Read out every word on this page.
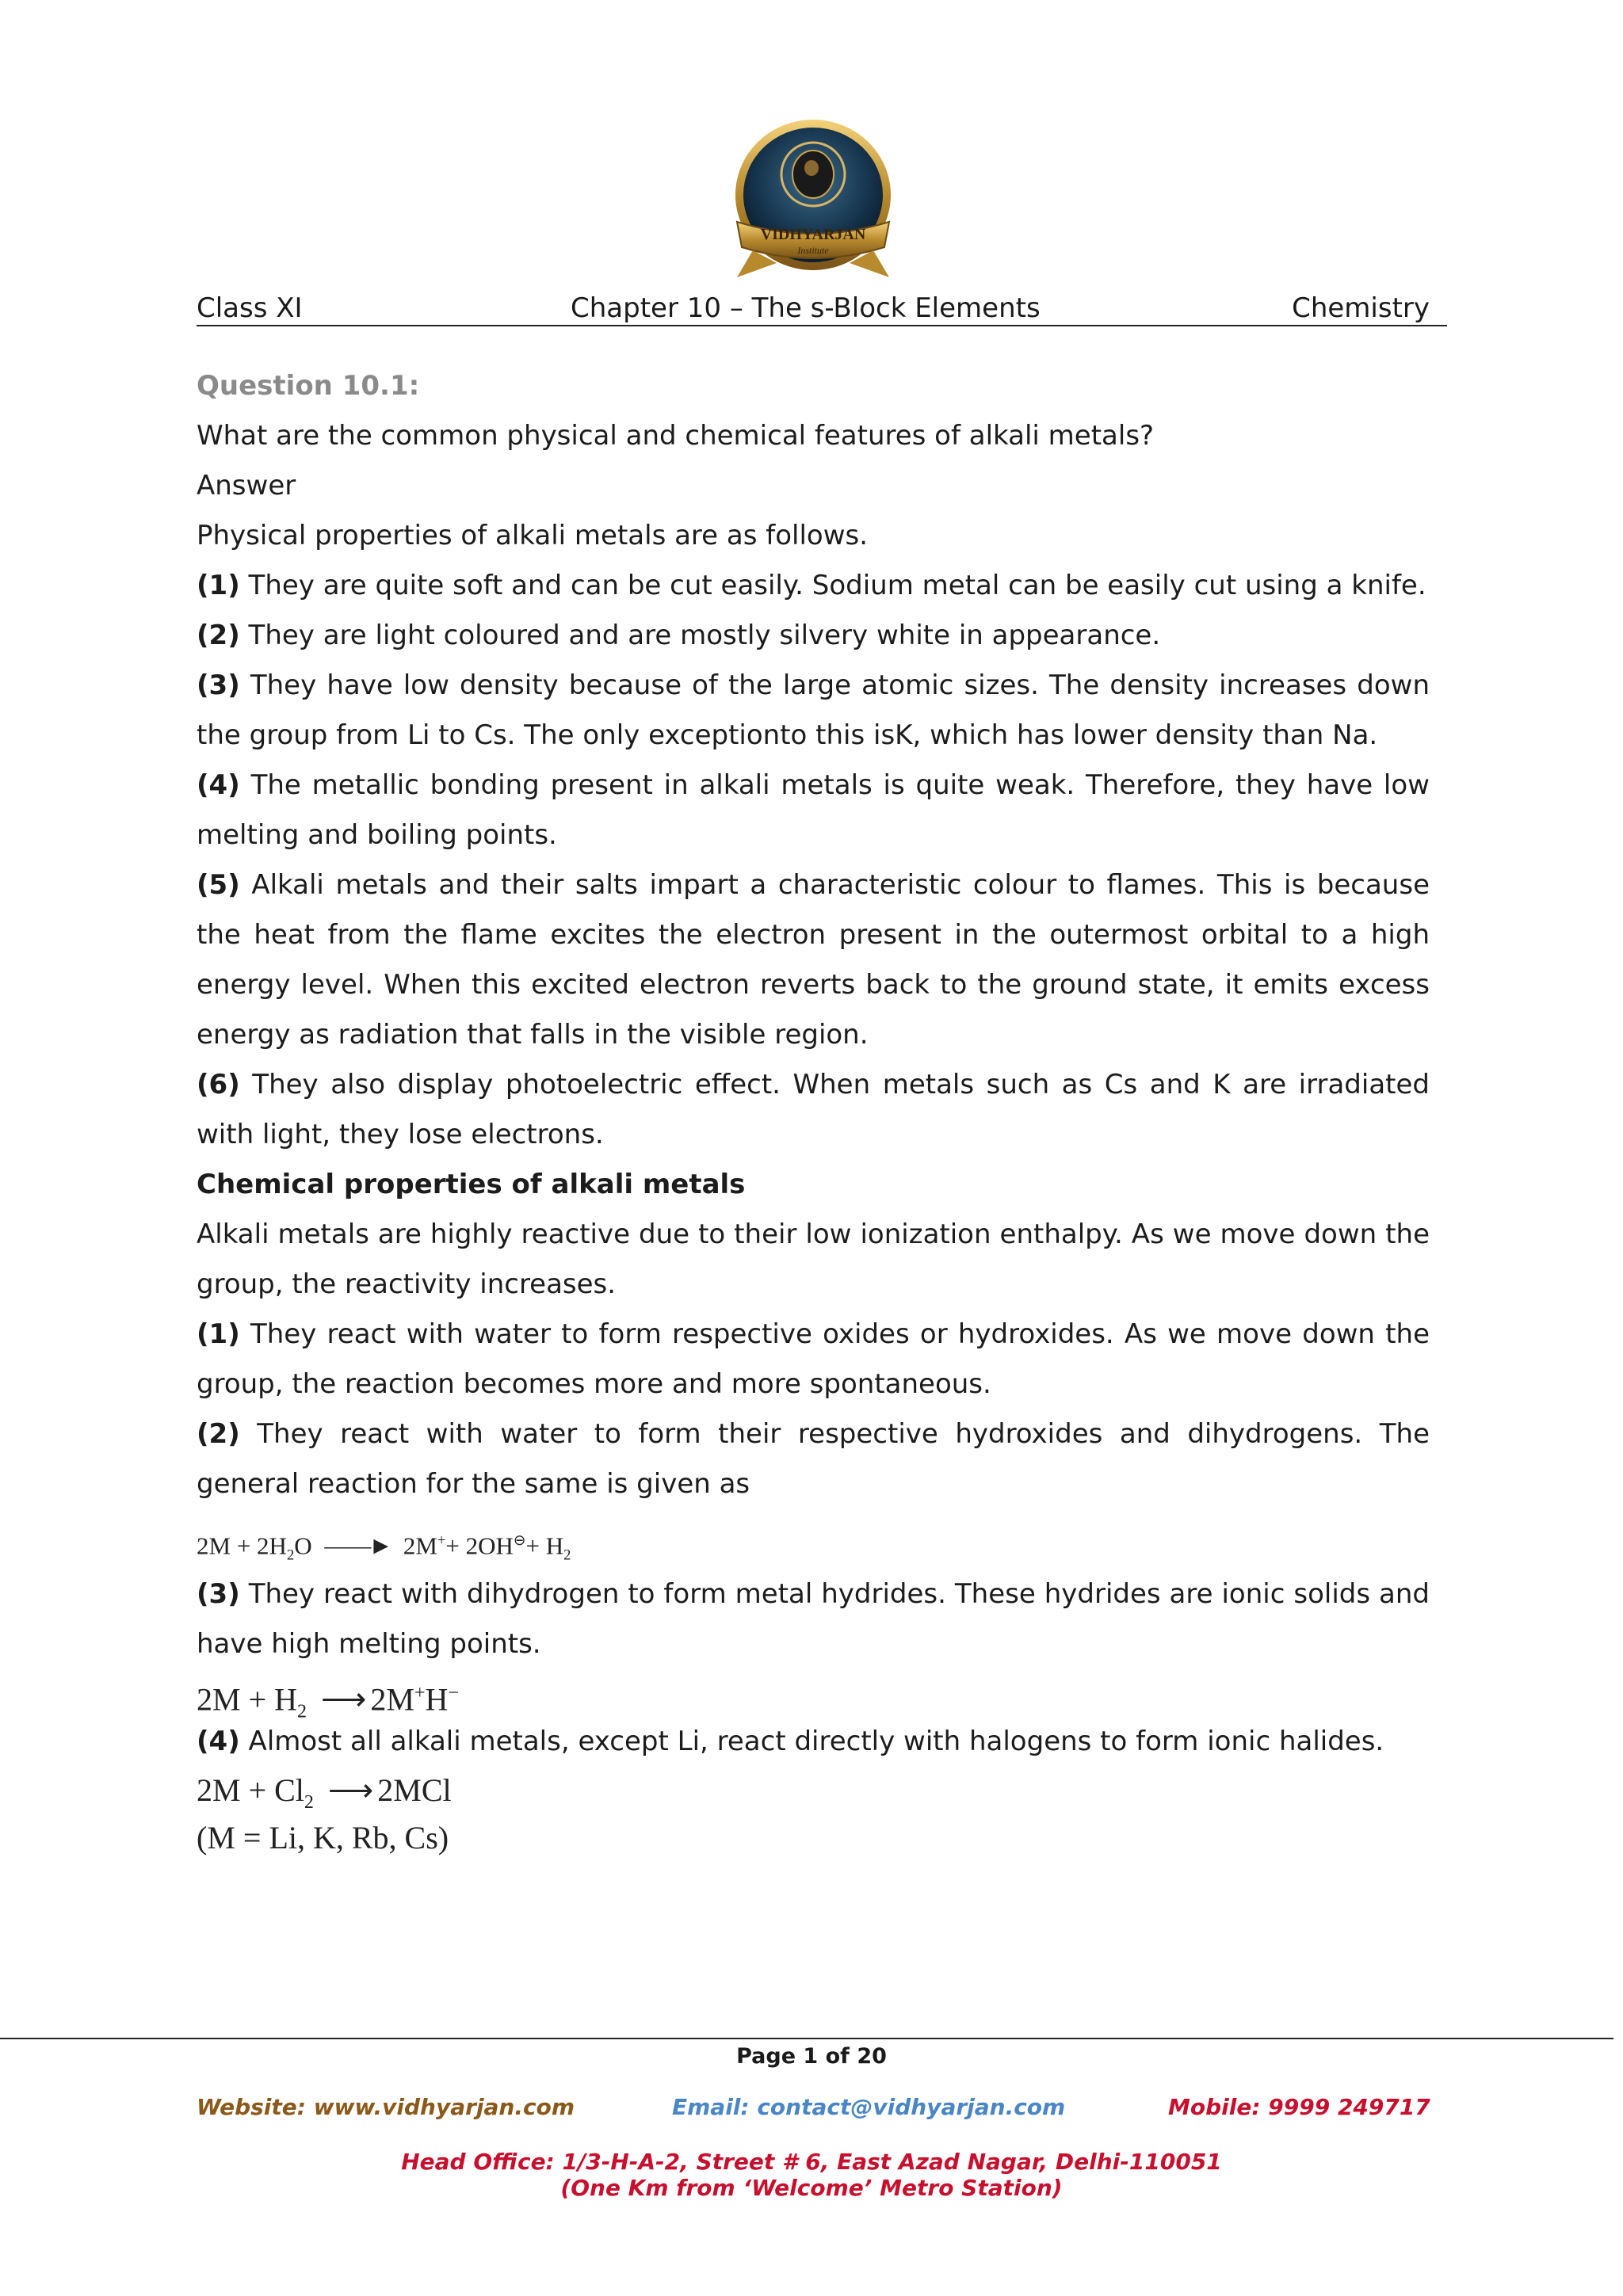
VIDHYARJAN
Institute
Class XI	Chapter 10 – The s-Block Elements	Chemistry

Question 10.1:

What are the common physical and chemical features of alkali metals?

Answer

Physical properties of alkali metals are as follows.

(1) They are quite soft and can be cut easily. Sodium metal can be easily cut using a knife.

(2) They are light coloured and are mostly silvery white in appearance.

(3) They have low density because of the large atomic sizes. The density increases down the group from Li to Cs. The only exceptionto this isK, which has lower density than Na.

(4) The metallic bonding present in alkali metals is quite weak. Therefore, they have low melting and boiling points.

(5) Alkali metals and their salts impart a characteristic colour to flames. This is because the heat from the flame excites the electron present in the outermost orbital to a high energy level. When this excited electron reverts back to the ground state, it emits excess energy as radiation that falls in the visible region.

(6) They also display photoelectric effect. When metals such as Cs and K are irradiated with light, they lose electrons.

Chemical properties of alkali metals

Alkali metals are highly reactive due to their low ionization enthalpy. As we move down the group, the reactivity increases.

(1) They react with water to form respective oxides or hydroxides. As we move down the group, the reaction becomes more and more spontaneous.

(2) They react with water to form their respective hydroxides and dihydrogens. The general reaction for the same is given as

$2M + 2H_2O$ ——► $2M^++ 2OH^⊖+ H_2$

(3) They react with dihydrogen to form metal hydrides. These hydrides are ionic solids and have high melting points.

$2M + H_2$ ⟶ 2M+H−

(4) Almost all alkali metals, except Li, react directly with halogens to form ionic halides.

$2M + Cl_2$ ⟶ 2MCl
(M = Li, K, Rb, Cs)
Page 1 of 20
Website: www.vidhyarjan.com	Email: contact@vidhyarjan.com	Mobile: 9999 249717
Head Office: 1/3-H-A-2, Street # 6, East Azad Nagar, Delhi-110051
(One Km from ‘Welcome’ Metro Station)
